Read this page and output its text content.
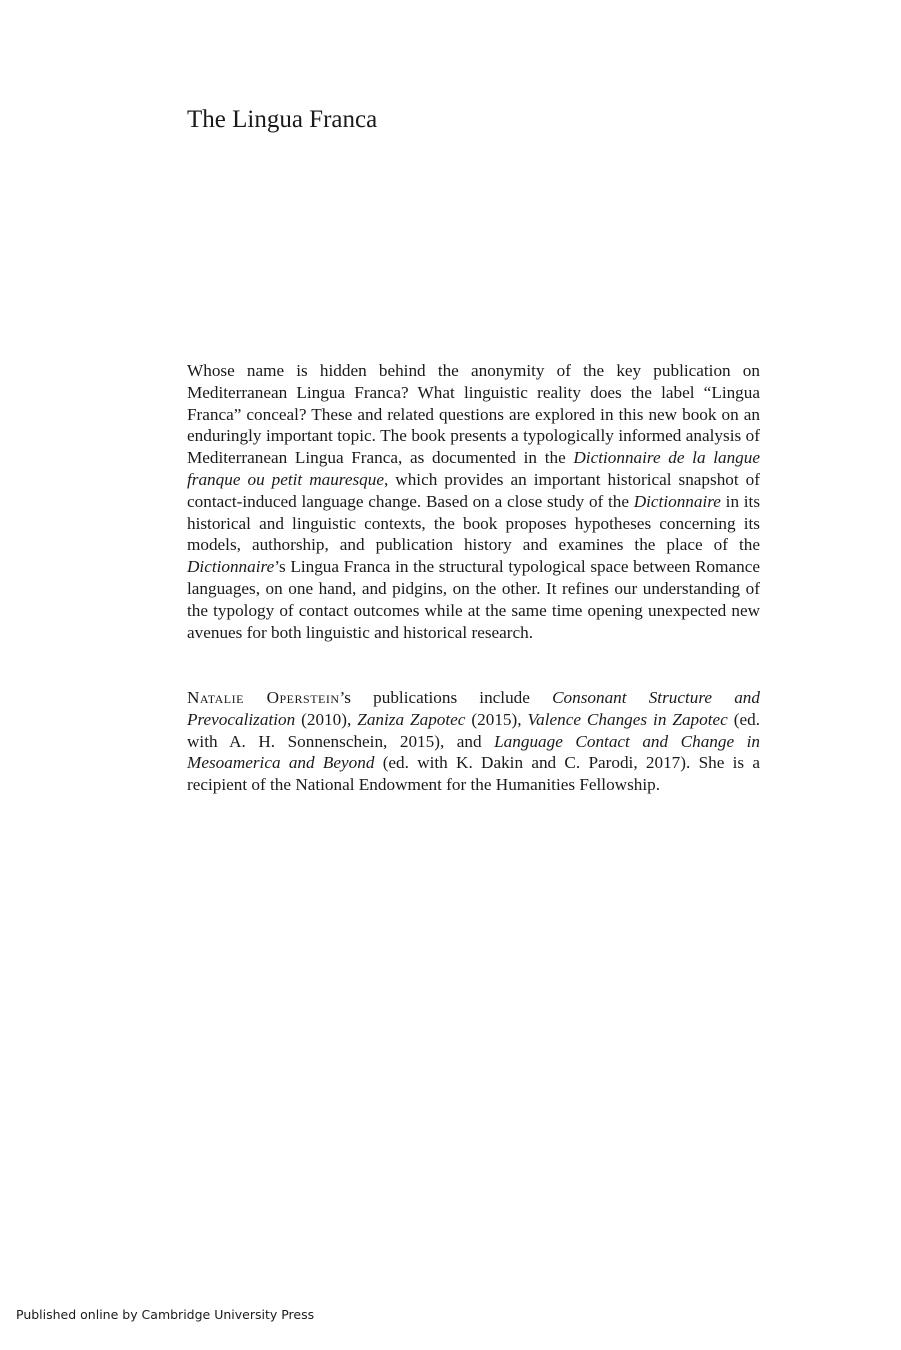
The Lingua Franca

Whose name is hidden behind the anonymity of the key publication on Mediterranean Lingua Franca? What linguistic reality does the label “Lingua Franca” conceal? These and related questions are explored in this new book on an enduringly important topic. The book presents a typologically informed analysis of Mediterranean Lingua Franca, as documented in the Dictionnaire de la langue franque ou petit mauresque, which provides an important historical snapshot of contact-induced language change. Based on a close study of the Dictionnaire in its historical and linguistic contexts, the book proposes hypotheses concerning its models, authorship, and publication history and examines the place of the Dictionnaire’s Lingua Franca in the structural typological space between Romance languages, on one hand, and pidgins, on the other. It refines our understanding of the typology of contact outcomes while at the same time opening unexpected new avenues for both linguistic and historical research.

Natalie Operstein’s publications include Consonant Structure and Prevocalization (2010), Zaniza Zapotec (2015), Valence Changes in Zapotec (ed. with A. H. Sonnenschein, 2015), and Language Contact and Change in Mesoamerica and Beyond (ed. with K. Dakin and C. Parodi, 2017). She is a recipient of the National Endowment for the Humanities Fellowship.

Published online by Cambridge University Press
